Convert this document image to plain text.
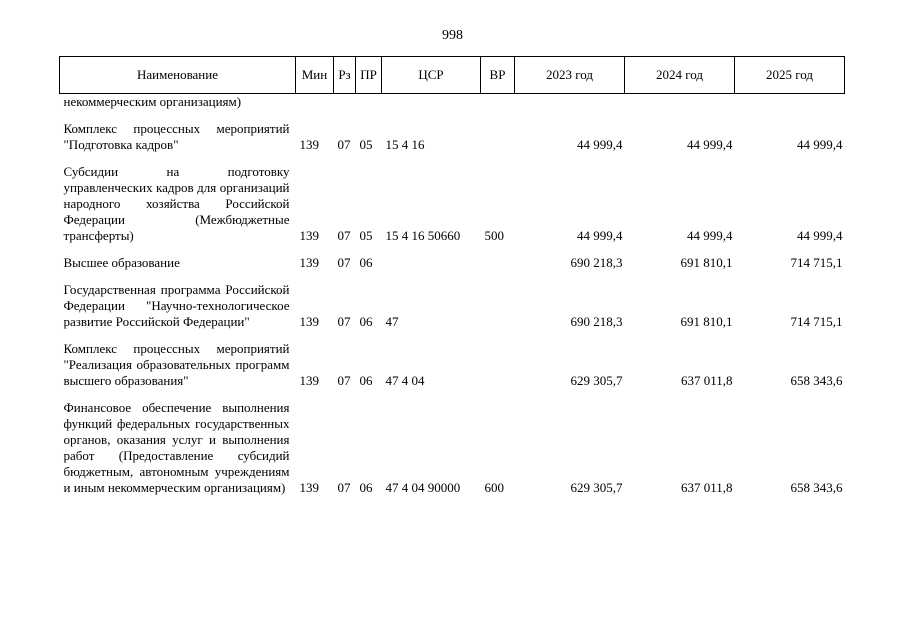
998
Наименование	Мин	Рз	ПР	ЦСР	ВР	2023 год	2024 год	2025 год
некоммерческим организациям)								

Комплекс процессных мероприятий "Подготовка кадров"	139	07	05	15 4 16		44 999,4	44 999,4	44 999,4

Субсидии на подготовку управленческих кадров для организаций народного хозяйства Российской Федерации (Межбюджетные трансферты)	139	07	05	15 4 16 50660	500	44 999,4	44 999,4	44 999,4

Высшее образование	139	07	06			690 218,3	691 810,1	714 715,1

Государственная программа Российской Федерации "Научно-технологическое развитие Российской Федерации"	139	07	06	47		690 218,3	691 810,1	714 715,1

Комплекс процессных мероприятий "Реализация образовательных программ высшего образования"	139	07	06	47 4 04		629 305,7	637 011,8	658 343,6

Финансовое обеспечение выполнения функций федеральных государственных органов, оказания услуг и выполнения работ (Предоставление субсидий бюджетным, автономным учреждениям и иным некоммерческим организациям)	139	07	06	47 4 04 90000	600	629 305,7	637 011,8	658 343,6
